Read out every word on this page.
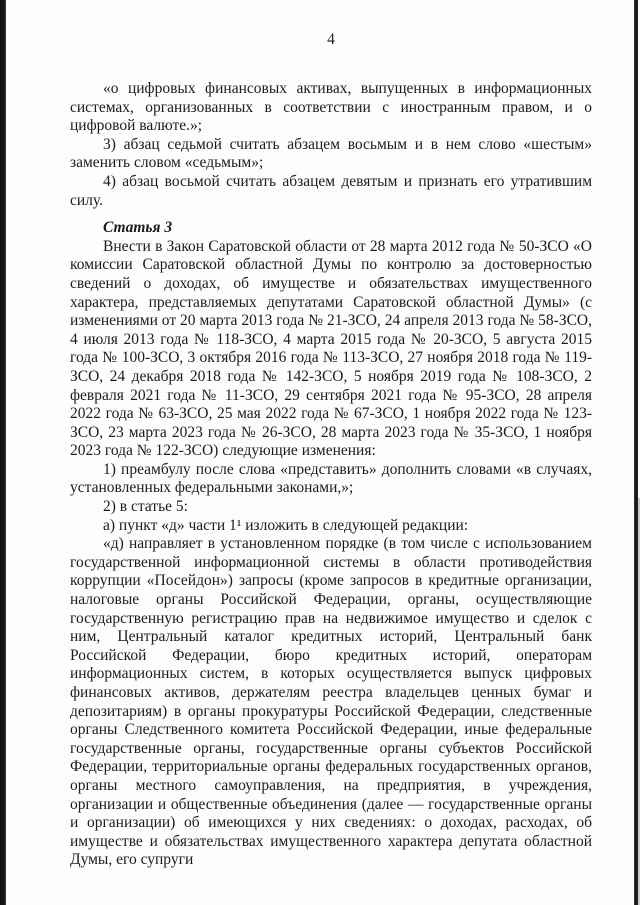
4

«о цифровых финансовых активах, выпущенных в информационных системах, организованных в соответствии с иностранным правом, и о цифровой валюте.»;

3) абзац седьмой считать абзацем восьмым и в нем слово «шестым» заменить словом «седьмым»;

4) абзац восьмой считать абзацем девятым и признать его утратившим силу.

Статья 3

Внести в Закон Саратовской области от 28 марта 2012 года № 50-ЗСО «О комиссии Саратовской областной Думы по контролю за достоверностью сведений о доходах, об имуществе и обязательствах имущественного характера, представляемых депутатами Саратовской областной Думы» (с изменениями от 20 марта 2013 года № 21-ЗСО, 24 апреля 2013 года № 58-ЗСО, 4 июля 2013 года № 118-ЗСО, 4 марта 2015 года № 20-ЗСО, 5 августа 2015 года № 100-ЗСО, 3 октября 2016 года № 113-ЗСО, 27 ноября 2018 года № 119-ЗСО, 24 декабря 2018 года № 142-ЗСО, 5 ноября 2019 года № 108-ЗСО, 2 февраля 2021 года № 11-ЗСО, 29 сентября 2021 года № 95-ЗСО, 28 апреля 2022 года № 63-ЗСО, 25 мая 2022 года № 67-ЗСО, 1 ноября 2022 года № 123-ЗСО, 23 марта 2023 года № 26-ЗСО, 28 марта 2023 года № 35-ЗСО, 1 ноября 2023 года № 122-ЗСО) следующие изменения:

1) преамбулу после слова «представить» дополнить словами «в случаях, установленных федеральными законами,»;

2) в статье 5:

а) пункт «д» части 1¹ изложить в следующей редакции:

«д) направляет в установленном порядке (в том числе с использованием государственной информационной системы в области противодействия коррупции «Посейдон») запросы (кроме запросов в кредитные организации, налоговые органы Российской Федерации, органы, осуществляющие государственную регистрацию прав на недвижимое имущество и сделок с ним, Центральный каталог кредитных историй, Центральный банк Российской Федерации, бюро кредитных историй, операторам информационных систем, в которых осуществляется выпуск цифровых финансовых активов, держателям реестра владельцев ценных бумаг и депозитариям) в органы прокуратуры Российской Федерации, следственные органы Следственного комитета Российской Федерации, иные федеральные государственные органы, государственные органы субъектов Российской Федерации, территориальные органы федеральных государственных органов, органы местного самоуправления, на предприятия, в учреждения, организации и общественные объединения (далее — государственные органы и организации) об имеющихся у них сведениях: о доходах, расходах, об имуществе и обязательствах имущественного характера депутата областной Думы, его супруги
